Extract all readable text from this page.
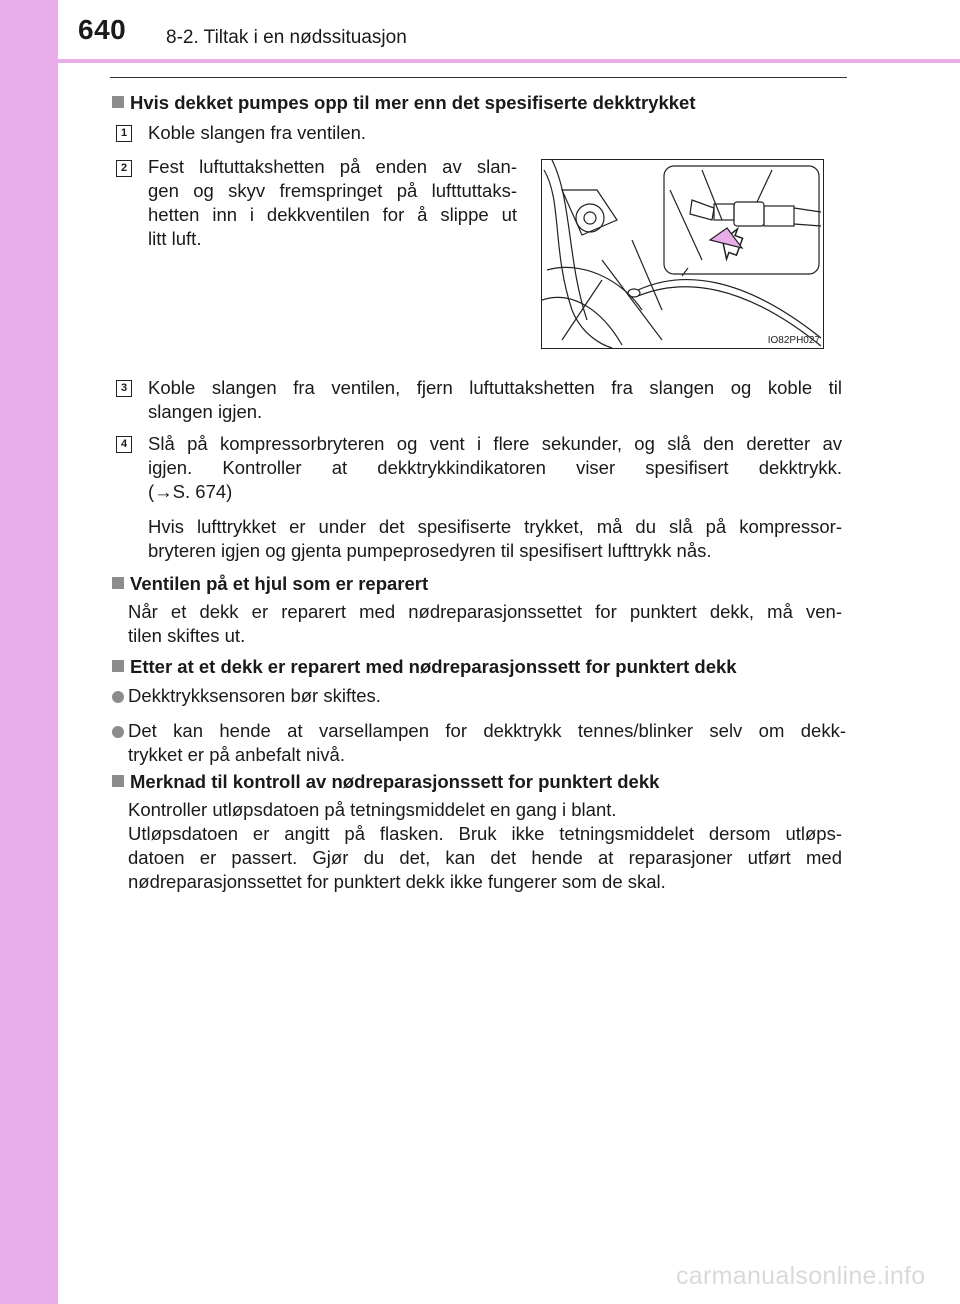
640 8-2. Tiltak i en nødssituasjon
Hvis dekket pumpes opp til mer enn det spesifiserte dekktrykket
1 Koble slangen fra ventilen.
2 Fest luftuttakshetten på enden av slan-
gen og skyv fremspringet på lufttuttaks-
hetten inn i dekkventilen for å slippe ut
litt luft.
IO82PH027
3 Koble slangen fra ventilen, fjern luftuttakshetten fra slangen og koble til
slangen igjen.
4 Slå på kompressorbryteren og vent i flere sekunder, og slå den deretter av
igjen. Kontroller at dekktrykkindikatoren viser spesifisert dekktrykk.
(→S. 674)
Hvis lufttrykket er under det spesifiserte trykket, må du slå på kompressor-
bryteren igjen og gjenta pumpeprosedyren til spesifisert lufttrykk nås.
Ventilen på et hjul som er reparert
Når et dekk er reparert med nødreparasjonssettet for punktert dekk, må ven-
tilen skiftes ut.
Etter at et dekk er reparert med nødreparasjonssett for punktert dekk
Dekktrykksensoren bør skiftes.
Det kan hende at varsellampen for dekktrykk tennes/blinker selv om dekk-
trykket er på anbefalt nivå.
Merknad til kontroll av nødreparasjonssett for punktert dekk
Kontroller utløpsdatoen på tetningsmiddelet en gang i blant.
Utløpsdatoen er angitt på flasken. Bruk ikke tetningsmiddelet dersom utløps-
datoen er passert. Gjør du det, kan det hende at reparasjoner utført med
nødreparasjonssettet for punktert dekk ikke fungerer som de skal.
carmanualsonline.info
